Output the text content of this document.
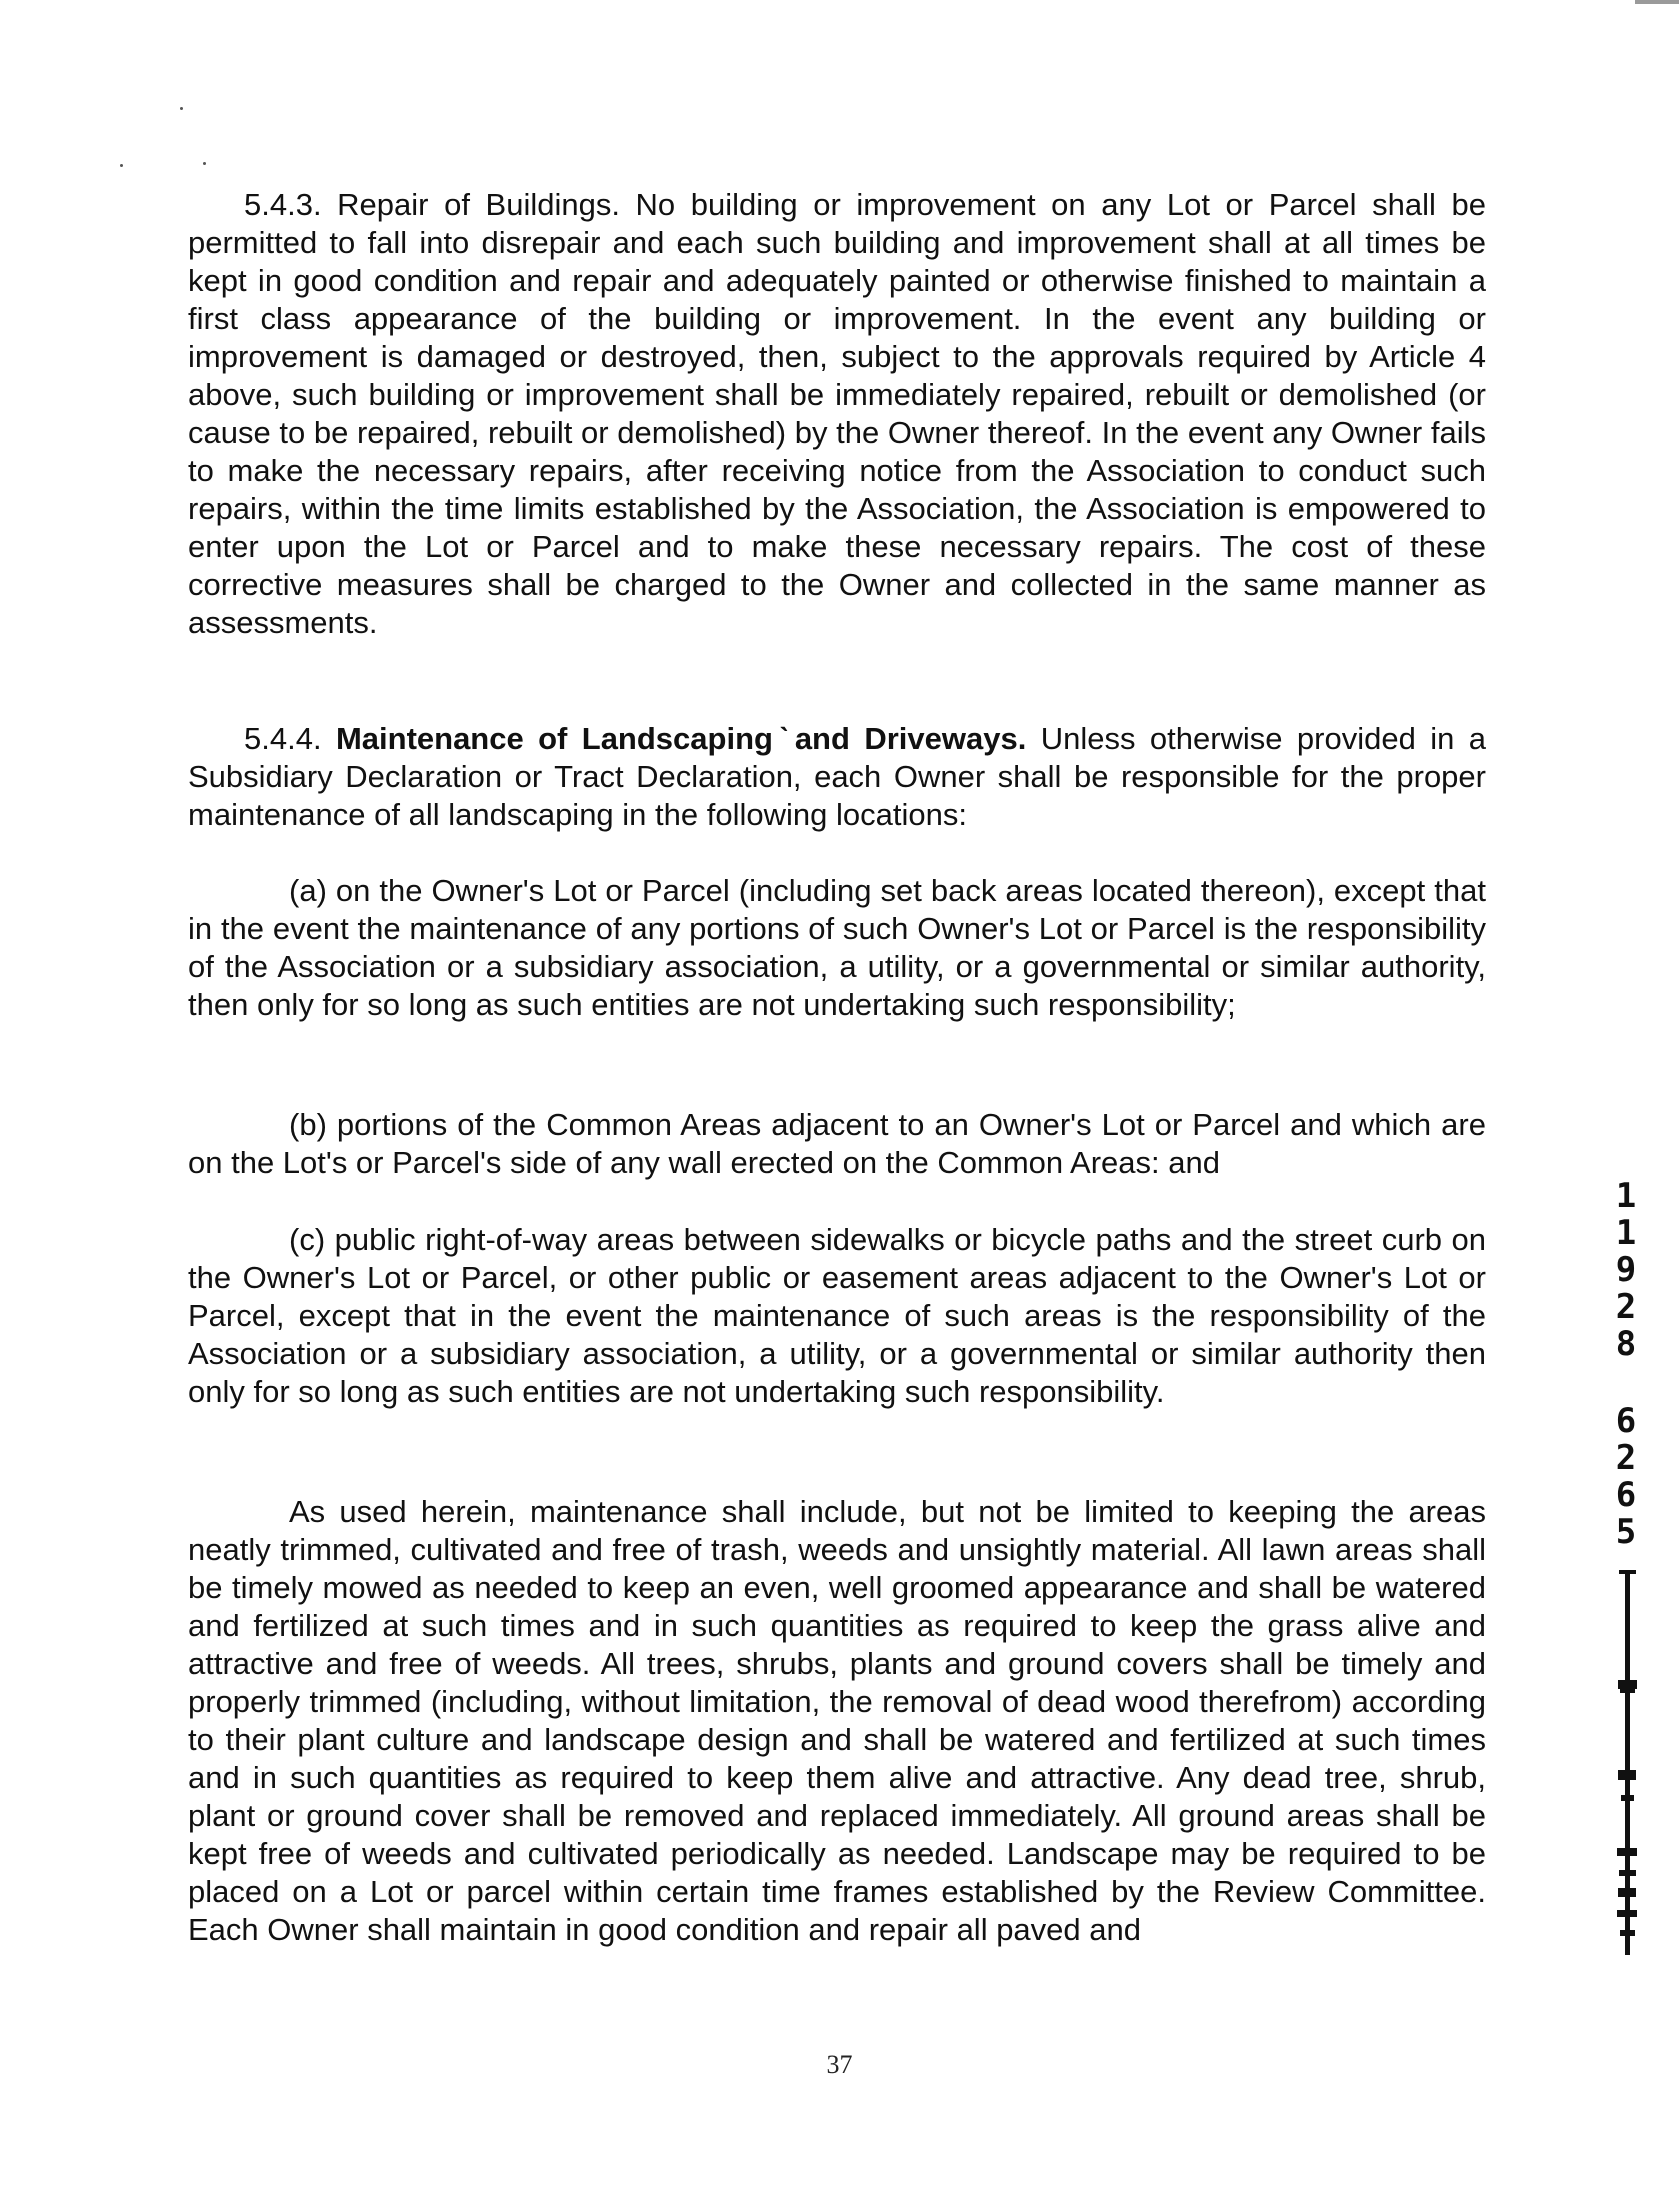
5.4.3. Repair of Buildings. No building or improvement on any Lot or Parcel shall be permitted to fall into disrepair and each such building and improvement shall at all times be kept in good condition and repair and adequately painted or otherwise finished to maintain a first class appearance of the building or improvement. In the event any building or improvement is damaged or destroyed, then, subject to the approvals required by Article 4 above, such building or improvement shall be immediately repaired, rebuilt or demolished (or cause to be repaired, rebuilt or demolished) by the Owner thereof. In the event any Owner fails to make the necessary repairs, after receiving notice from the Association to conduct such repairs, within the time limits established by the Association, the Association is empowered to enter upon the Lot or Parcel and to make these necessary repairs. The cost of these corrective measures shall be charged to the Owner and collected in the same manner as assessments.

5.4.4. Maintenance of Landscapingˋand Driveways. Unless otherwise provided in a Subsidiary Declaration or Tract Declaration, each Owner shall be responsible for the proper maintenance of all landscaping in the following locations:

(a) on the Owner's Lot or Parcel (including set back areas located thereon), except that in the event the maintenance of any portions of such Owner's Lot or Parcel is the responsibility of the Association or a subsidiary association, a utility, or a governmental or similar authority, then only for so long as such entities are not undertaking such responsibility;

(b) portions of the Common Areas adjacent to an Owner's Lot or Parcel and which are on the Lot's or Parcel's side of any wall erected on the Common Areas: and

(c) public right-of-way areas between sidewalks or bicycle paths and the street curb on the Owner's Lot or Parcel, or other public or easement areas adjacent to the Owner's Lot or Parcel, except that in the event the maintenance of such areas is the responsibility of the Association or a subsidiary association, a utility, or a governmental or similar authority then only for so long as such entities are not undertaking such responsibility.

As used herein, maintenance shall include, but not be limited to keeping the areas neatly trimmed, cultivated and free of trash, weeds and unsightly material. All lawn areas shall be timely mowed as needed to keep an even, well groomed appearance and shall be watered and fertilized at such times and in such quantities as required to keep the grass alive and attractive and free of weeds. All trees, shrubs, plants and ground covers shall be timely and properly trimmed (including, without limitation, the removal of dead wood therefrom) according to their plant culture and landscape design and shall be watered and fertilized at such times and in such quantities as required to keep them alive and attractive. Any dead tree, shrub, plant or ground cover shall be removed and replaced immediately. All ground areas shall be kept free of weeds and cultivated periodically as needed. Landscape may be required to be placed on a Lot or parcel within certain time frames established by the Review Committee. Each Owner shall maintain in good condition and repair all paved and

1
1
9
2
8
6
2
6
5
37
